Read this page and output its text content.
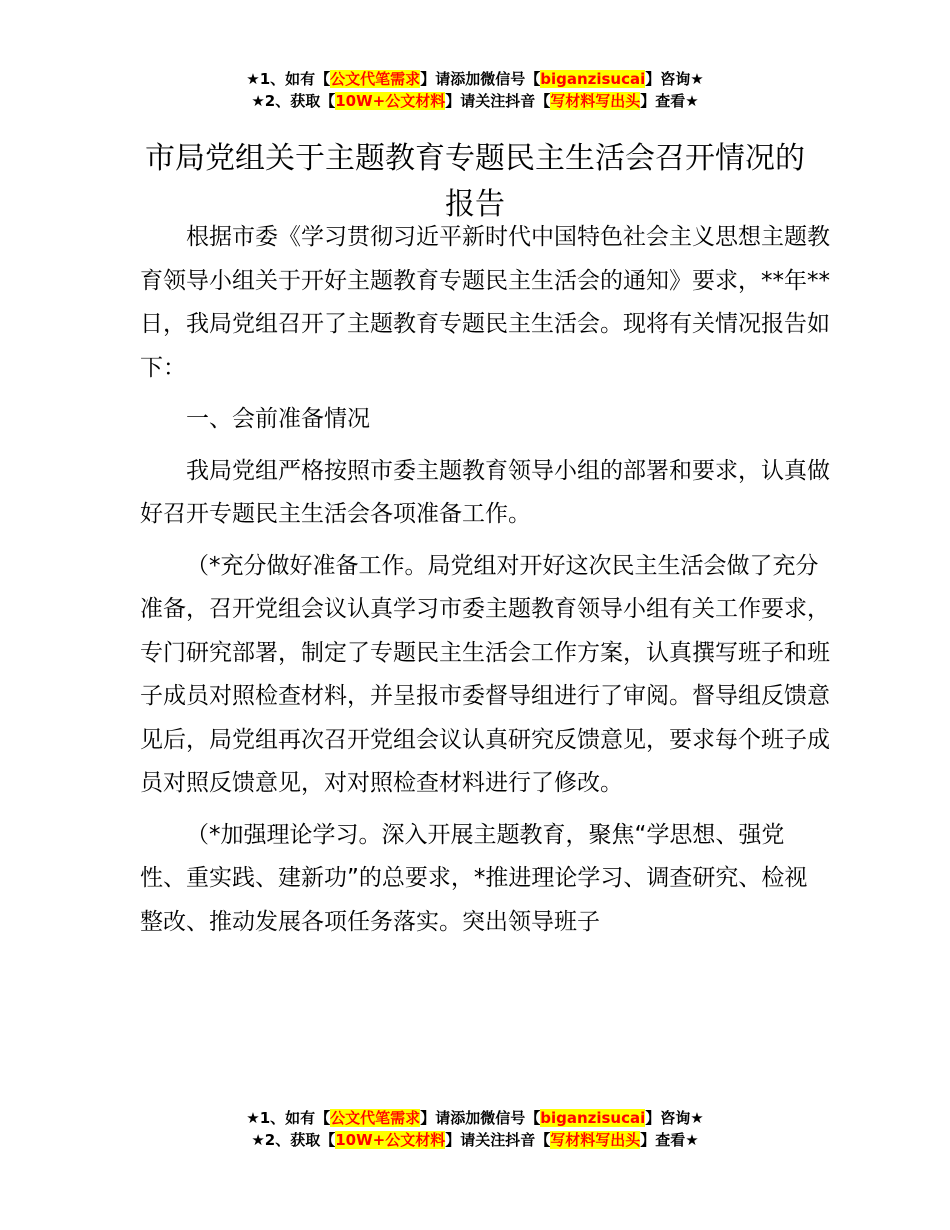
★1、如有【公文代笔需求】请添加微信号【biganzisucai】咨询★
★2、获取【10W+公文材料】请关注抖音【写材料写出头】查看★
市局党组关于主题教育专题民主生活会召开情况的报告

根据市委《学习贯彻习近平新时代中国特色社会主义思想主题教育领导小组关于开好主题教育专题民主生活会的通知》要求，**年**日，我局党组召开了主题教育专题民主生活会。现将有关情况报告如下：

一、会前准备情况

我局党组严格按照市委主题教育领导小组的部署和要求，认真做好召开专题民主生活会各项准备工作。

（*充分做好准备工作。局党组对开好这次民主生活会做了充分准备，召开党组会议认真学习市委主题教育领导小组有关工作要求，专门研究部署，制定了专题民主生活会工作方案，认真撰写班子和班子成员对照检查材料，并呈报市委督导组进行了审阅。督导组反馈意见后，局党组再次召开党组会议认真研究反馈意见，要求每个班子成员对照反馈意见，对对照检查材料进行了修改。

（*加强理论学习。深入开展主题教育，聚焦“学思想、强党性、重实践、建新功”的总要求，*推进理论学习、调查研究、检视整改、推动发展各项任务落实。突出领导班子

★1、如有【公文代笔需求】请添加微信号【biganzisucai】咨询★
★2、获取【10W+公文材料】请关注抖音【写材料写出头】查看★
